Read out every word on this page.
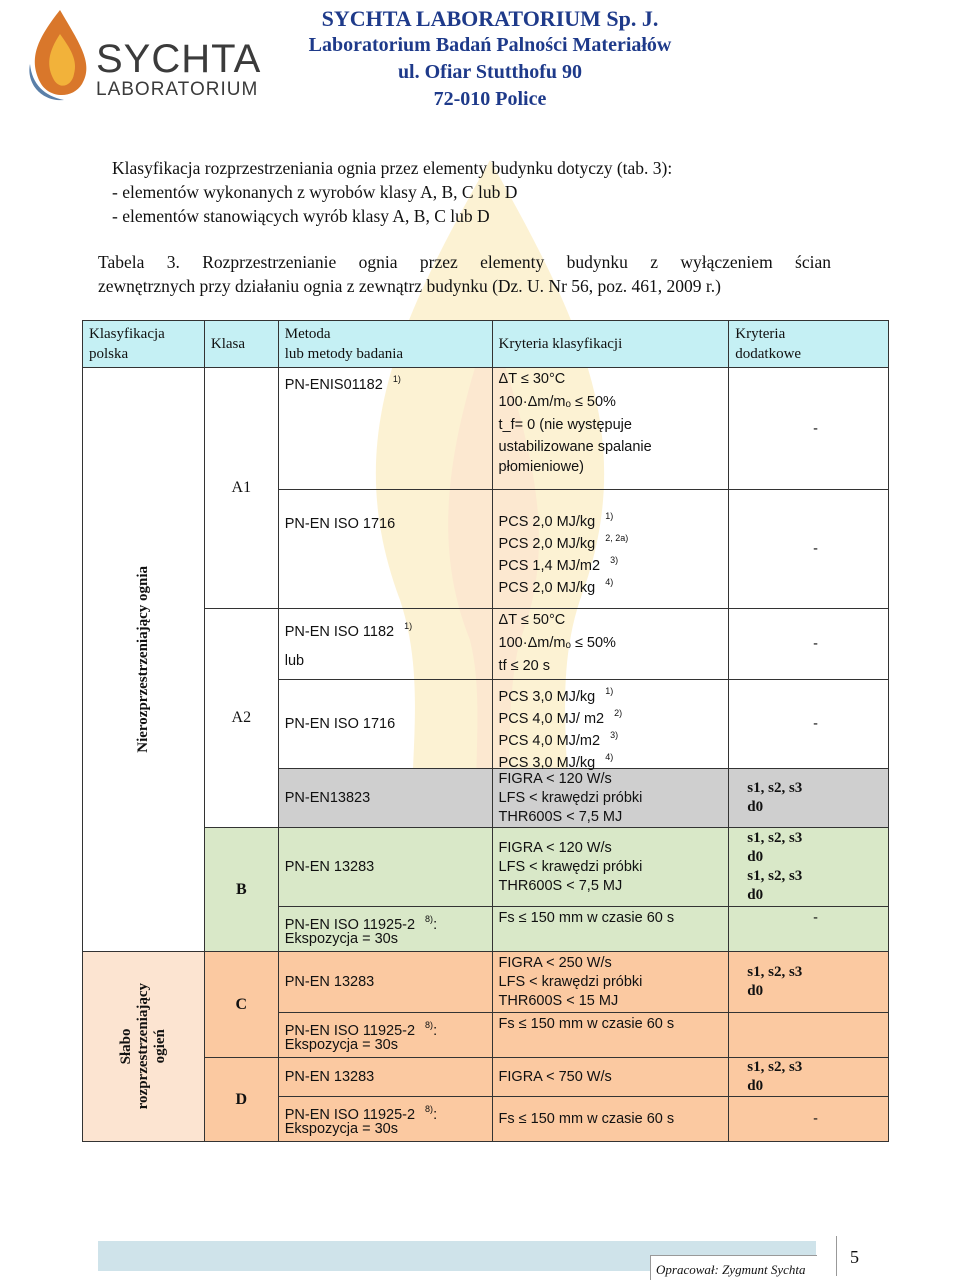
SYCHTA
LABORATORIUM
SYCHTA LABORATORIUM Sp. J.
Laboratorium Badań Palności Materiałów
ul. Ofiar Stutthofu 90
72-010 Police
Klasyfikacja rozprzestrzeniania ognia przez elementy budynku dotyczy (tab. 3):
- elementów wykonanych z wyrobów klasy A, B, C lub D
- elementów stanowiących wyrób klasy A, B, C lub D
Tabela 3. Rozprzestrzenianie ognia przez elementy budynku z wyłączeniem ścian
zewnętrznych przy działaniu ognia z zewnątrz budynku (Dz. U. Nr 56, poz. 461, 2009 r.)
Klasyfikacja
polska	Klasa	Metoda
lub metody badania	Kryteria klasyfikacji	Kryteria
dodatkowe

Nierozprzestrzeniający ognia	A1	PN-ENIS01182 $^{1)}$	ΔT ≤ 30°C
100·Δm/mₒ ≤ 50%
t_f= 0 (nie występuje
ustabilizowane spalanie
płomieniowe)	-
		PN-EN ISO 1716	PCS 2,0 MJ/kg $^{1)}$
PCS 2,0 MJ/kg $^{2, 2a)}$
PCS 1,4 MJ/m2 $^{3)}$
PCS 2,0 MJ/kg $^{4)}$	-
	A2	PN-EN ISO 1182 $^{1)}$
lub	ΔT ≤ 50°C
100·Δm/mₒ ≤ 50%
tf ≤ 20 s	-
		PN-EN ISO 1716	PCS 3,0 MJ/kg $^{1)}$
PCS 4,0 MJ/ m2 $^{2)}$
PCS 4,0 MJ/m2 $^{3)}$
PCS 3,0 MJ/kg $^{4)}$	-
		PN-EN13823	FIGRA < 120 W/s
LFS < krawędzi próbki
THR600S < 7,5 MJ	s1, s2, s3
d0

	B	PN-EN 13283	FIGRA < 120 W/s
LFS < krawędzi próbki
THR600S < 7,5 MJ	s1, s2, s3
d0
s1, s2, s3
d0

		PN-EN ISO 11925-2 $^{8)}$:
Ekspozycja = 30s	Fs ≤ 150 mm w czasie 60 s	-

Słabo
rozprzestrzeniający
ogień	C	PN-EN 13283	FIGRA < 250 W/s
LFS < krawędzi próbki
THR600S < 15 MJ	s1, s2, s3
d0

		PN-EN ISO 11925-2 $^{8)}$:
Ekspozycja = 30s	Fs ≤ 150 mm w czasie 60 s	
	D	PN-EN 13283	FIGRA < 750 W/s	s1, s2, s3
d0

		PN-EN ISO 11925-2 $^{8)}$:
Ekspozycja = 30s	Fs ≤ 150 mm w czasie 60 s	-
Opracował: Zygmunt Sychta
5
